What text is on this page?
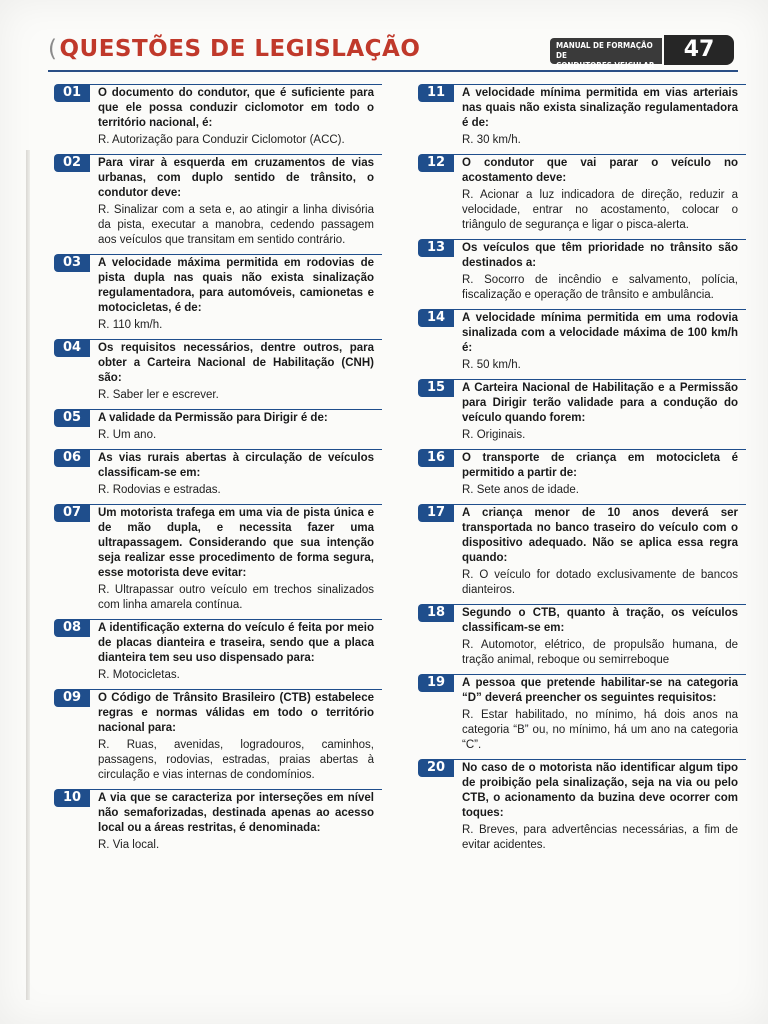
(QUESTÕES DE LEGISLAÇÃO	MANUAL DE FORMAÇÃO DE
CONDUTORES VEICULAR
47
01	O documento do condutor, que é suficiente para que ele possa conduzir ciclomotor em todo o território nacional, é:

R. Autorização para Conduzir Ciclomotor (ACC).

02	Para virar à esquerda em cruzamentos de vias urbanas, com duplo sentido de trânsito, o condutor deve:

R. Sinalizar com a seta e, ao atingir a linha divisória da pista, executar a manobra, cedendo passagem aos veículos que transitam em sentido contrário.

03	A velocidade máxima permitida em rodovias de pista dupla nas quais não exista sinalização regulamentadora, para automóveis, camionetas e motocicletas, é de:

R. 110 km/h.

04	Os requisitos necessários, dentre outros, para obter a Carteira Nacional de Habilitação (CNH) são:

R. Saber ler e escrever.

05	A validade da Permissão para Dirigir é de:

R. Um ano.

06	As vias rurais abertas à circulação de veículos classificam-se em:

R. Rodovias e estradas.

07	Um motorista trafega em uma via de pista única e de mão dupla, e necessita fazer uma ultrapassagem. Considerando que sua intenção seja realizar esse procedimento de forma segura, esse motorista deve evitar:

R. Ultrapassar outro veículo em trechos sinalizados com linha amarela contínua.

08	A identificação externa do veículo é feita por meio de placas dianteira e traseira, sendo que a placa dianteira tem seu uso dispensado para:

R. Motocicletas.

09	O Código de Trânsito Brasileiro (CTB) estabelece regras e normas válidas em todo o território nacional para:

R. Ruas, avenidas, logradouros, caminhos, passagens, rodovias, estradas, praias abertas à circulação e vias internas de condomínios.

10	A via que se caracteriza por interseções em nível não semaforizadas, destinada apenas ao acesso local ou a áreas restritas, é denominada:

R. Via local.

11	A velocidade mínima permitida em vias arteriais nas quais não exista sinalização regulamentadora é de:

R. 30 km/h.

12	O condutor que vai parar o veículo no acostamento deve:

R. Acionar a luz indicadora de direção, reduzir a velocidade, entrar no acostamento, colocar o triângulo de segurança e ligar o pisca-alerta.

13	Os veículos que têm prioridade no trânsito são destinados a:

R. Socorro de incêndio e salvamento, polícia, fiscalização e operação de trânsito e ambulância.

14	A velocidade mínima permitida em uma rodovia sinalizada com a velocidade máxima de 100 km/h é:

R. 50 km/h.

15	A Carteira Nacional de Habilitação e a Permissão para Dirigir terão validade para a condução do veículo quando forem:

R. Originais.

16	O transporte de criança em motocicleta é permitido a partir de:

R. Sete anos de idade.

17	A criança menor de 10 anos deverá ser transportada no banco traseiro do veículo com o dispositivo adequado. Não se aplica essa regra quando:

R. O veículo for dotado exclusivamente de bancos dianteiros.

18	Segundo o CTB, quanto à tração, os veículos classificam-se em:

R. Automotor, elétrico, de propulsão humana, de tração animal, reboque ou semirreboque

19	A pessoa que pretende habilitar-se na categoria “D” deverá preencher os seguintes requisitos:

R. Estar habilitado, no mínimo, há dois anos na categoria “B” ou, no mínimo, há um ano na categoria “C”.

20	No caso de o motorista não identificar algum tipo de proibição pela sinalização, seja na via ou pelo CTB, o acionamento da buzina deve ocorrer com toques:

R. Breves, para advertências necessárias, a fim de evitar acidentes.
